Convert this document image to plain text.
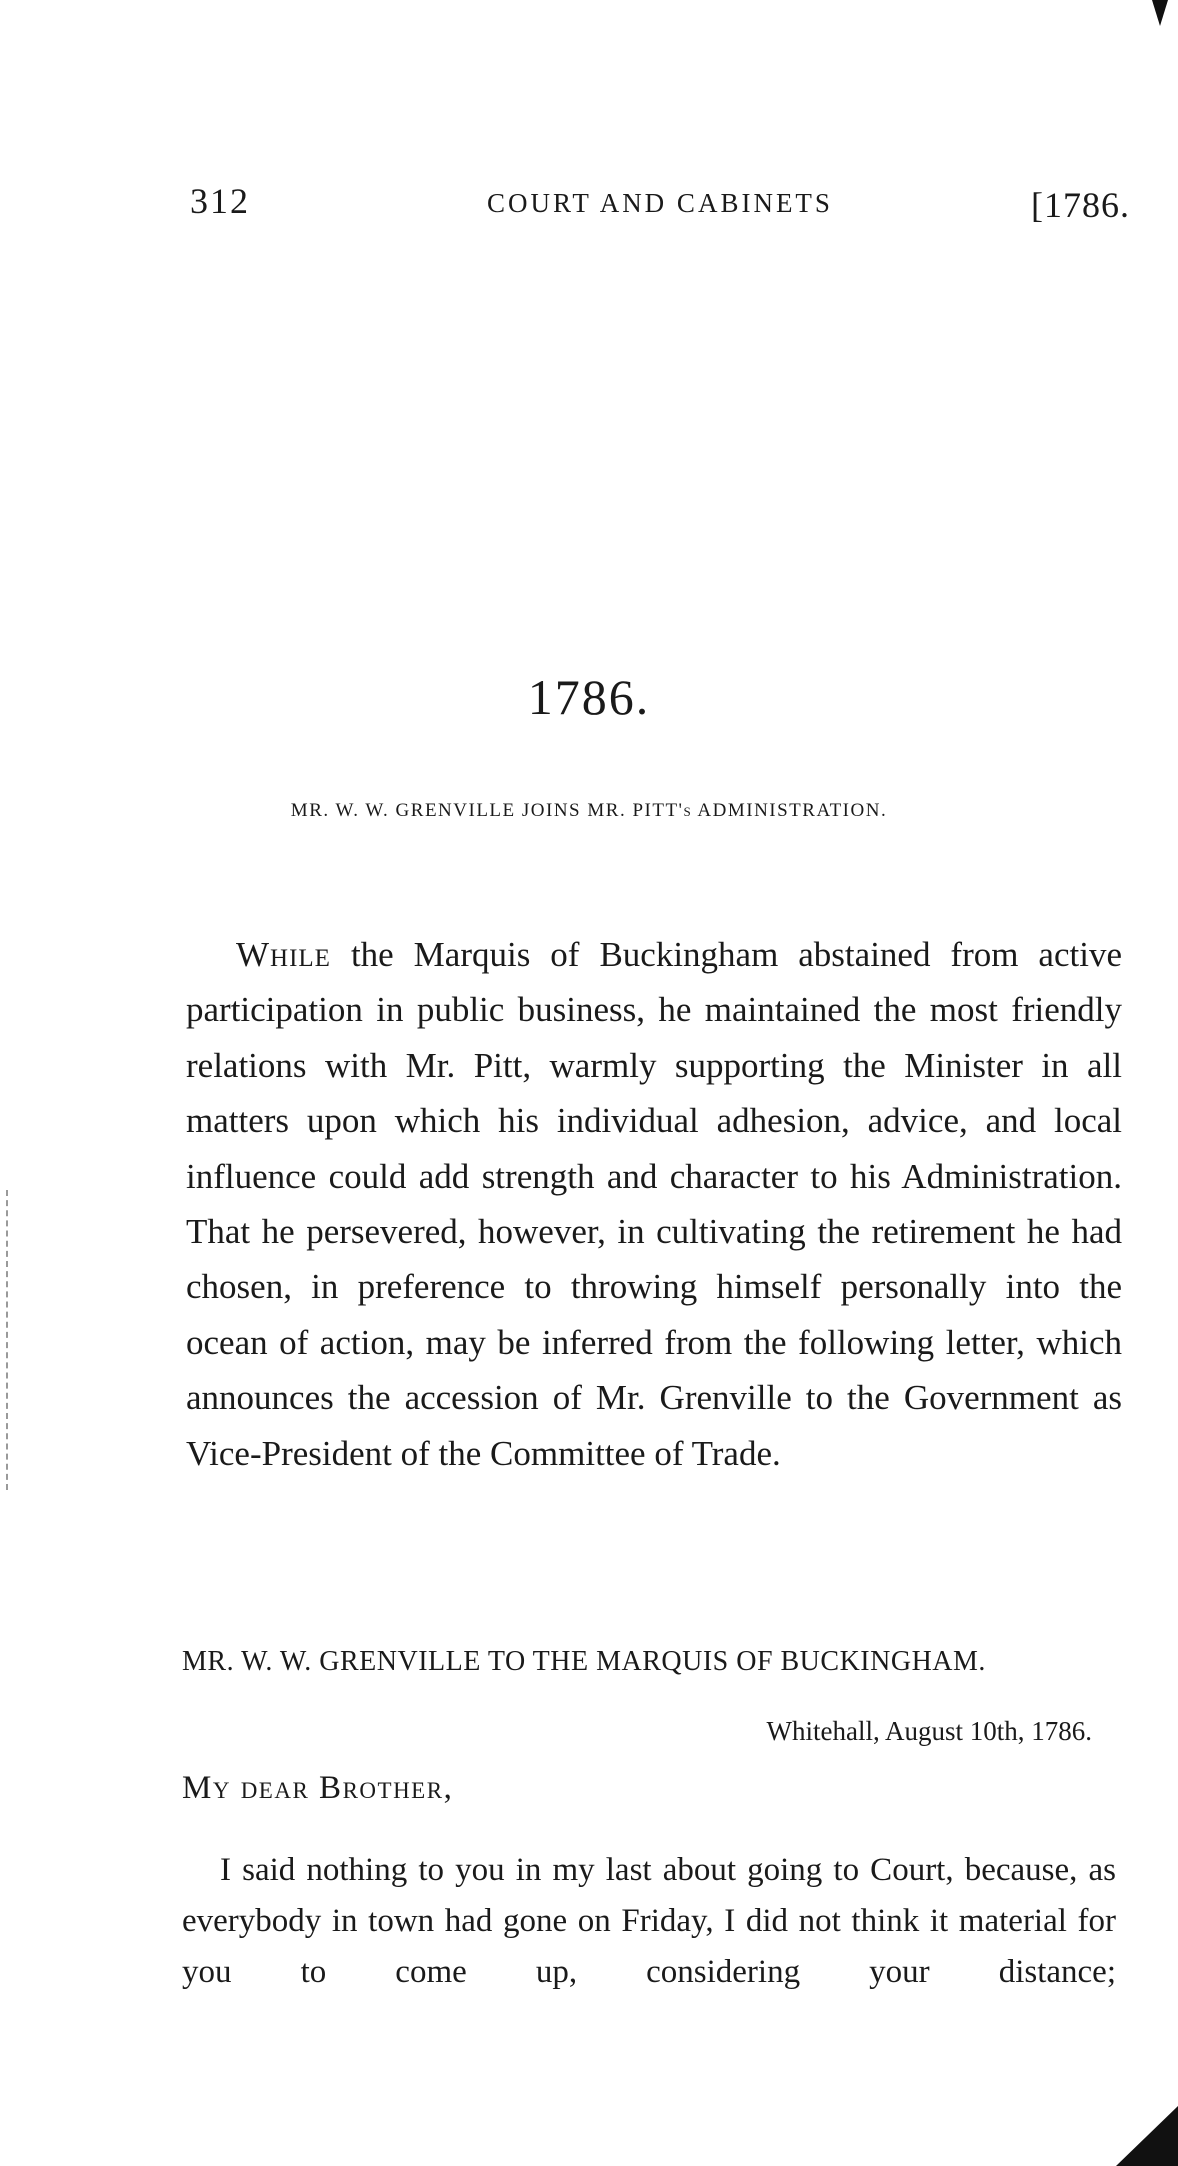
312	COURT AND CABINETS	[1786.
1786.
MR. W. W. GRENVILLE JOINS MR. PITT's ADMINISTRATION.

While the Marquis of Buckingham abstained from active participation in public business, he maintained the most friendly relations with Mr. Pitt, warmly supporting the Minister in all matters upon which his individual adhesion, advice, and local influence could add strength and character to his Administration. That he persevered, however, in cultivating the retirement he had chosen, in preference to throwing himself personally into the ocean of action, may be inferred from the following letter, which announces the accession of Mr. Grenville to the Government as Vice-President of the Committee of Trade.

MR. W. W. GRENVILLE TO THE MARQUIS OF BUCKINGHAM.
Whitehall, August 10th, 1786.
My dear Brother,

I said nothing to you in my last about going to Court, because, as everybody in town had gone on Friday, I did not think it material for you to come up, considering your distance;
